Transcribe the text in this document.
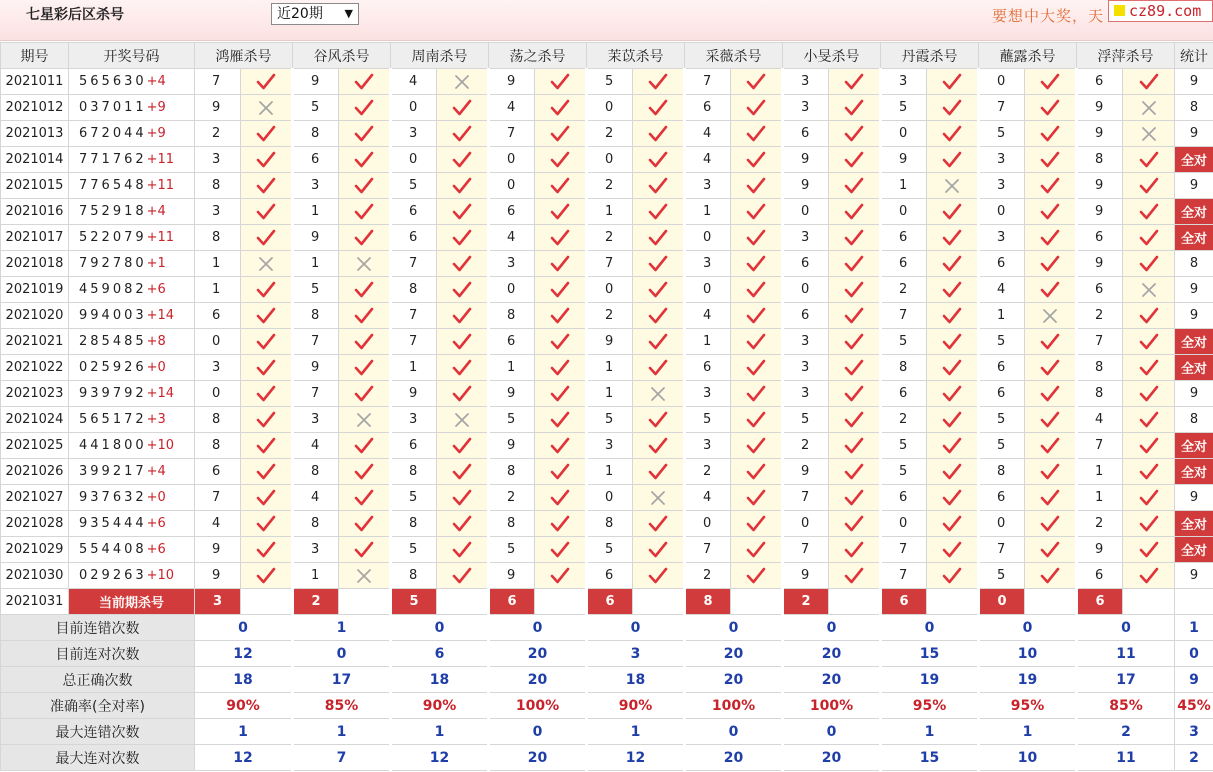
七星彩后区杀号	近20期 ▼	要想中大奖，天 cz89.com
期号	开奖号码	鸿雁杀号		谷风杀号		周南杀号		荡之杀号		茉苡杀号		采薇杀号		小旻杀号		丹霞杀号		蘸露杀号		浮萍杀号		统计
2021011	565630+4	7		9		4		9		5		7		3		3		0		6		9
2021012	037011+9	9		5		0		4		0		6		3		5		7		9		8
2021013	672044+9	2		8		3		7		2		4		6		0		5		9		9
2021014	771762+11	3		6		0		0		0		4		9		9		3		8		全对
2021015	776548+11	8		3		5		0		2		3		9		1		3		9		9
2021016	752918+4	3		1		6		6		1		1		0		0		0		9		全对
2021017	522079+11	8		9		6		4		2		0		3		6		3		6		全对
2021018	792780+1	1		1		7		3		7		3		6		6		6		9		8
2021019	459082+6	1		5		8		0		0		0		0		2		4		6		9
2021020	994003+14	6		8		7		8		2		4		6		7		1		2		9
2021021	285485+8	0		7		7		6		9		1		3		5		5		7		全对
2021022	025926+0	3		9		1		1		1		6		3		8		6		8		全对
2021023	939792+14	0		7		9		9		1		3		3		6		6		8		9
2021024	565172+3	8		3		3		5		5		5		5		2		5		4		8
2021025	441800+10	8		4		6		9		3		3		2		5		5		7		全对
2021026	399217+4	6		8		8		8		1		2		9		5		8		1		全对
2021027	937632+0	7		4		5		2		0		4		7		6		6		1		9
2021028	935444+6	4		8		8		8		8		0		0		0		0		2		全对
2021029	554408+6	9		3		5		5		5		7		7		7		7		9		全对
2021030	029263+10	9		1		8		9		6		2		9		7		5		6		9
2021031	当前期杀号	3		2		5		6		6		8		2		6		0		6		
目前连错次数		0		1		0		0		0		0		0		0		0		0		1
目前连对次数		12		0		6		20		3		20		20		15		10		11		0
总正确次数		18		17		18		20		18		20		20		19		19		17		9
准确率(全对率)		90%		85%		90%		100%		90%		100%		100%		95%		95%		85%		45%
最大连错次数		1		1		1		0		1		0		0		1		1		2		3
最大连对次数		12		7		12		20		12		20		20		15		10		11		2
